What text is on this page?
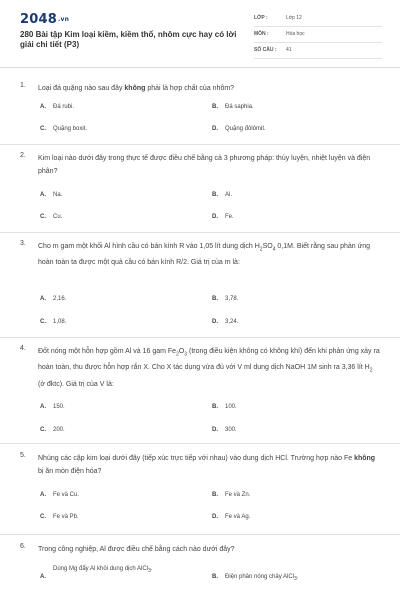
2048.vn
280 Bài tập Kim loại kiềm, kiềm thổ, nhôm cực hay có lời giải chi tiết (P3)
LỚP :	Lớp 12
MÔN :	Hóa học
SỐ CÂU : 41
1. Loại đá quặng nào sau đây không phải là hợp chất của nhôm?
A. Đá rubi.	B. Đá saphia.
C. Quặng boxit.	D. Quặng đôlômit.
2. Kim loại nào dưới đây trong thực tế được điều chế bằng cả 3 phương pháp: thủy luyện, nhiệt luyện và điện phân?
A. Na.	B. Al.
C. Cu.	D. Fe.
3. Cho m gam một khối Al hình cầu có bán kính R vào 1,05 lít dung dịch $H_2SO_4$ 0,1M. Biết rằng sau phản ứng hoàn toàn ta được một quả cầu có bán kính R/2. Giá trị của m là:
A. 2,16.	B. 3,78.
C. 1,08.	D. 3,24.
4. Đốt nóng một hỗn hợp gồm Al và 16 gam $Fe_2O_3$ (trong điều kiện không có không khí) đến khi phản ứng xảy ra hoàn toàn, thu được hỗn hợp rắn X. Cho X tác dụng vừa đủ với V ml dung dịch NaOH 1M sinh ra 3,36 lít $H_2$ (ở đktc). Giá trị của V là:
A. 150.	B. 100.
C. 200.	D. 300.
5. Nhúng các cặp kim loại dưới đây (tiếp xúc trực tiếp với nhau) vào dung dịch HCl. Trường hợp nào Fe không bị ăn mòn điện hóa?
A. Fe và Cu.	B. Fe và Zn.
C. Fe và Pb.	D. Fe và Ag.
6. Trong công nghiệp, Al được điều chế bằng cách nào dưới đây?
A.
Dùng Mg đẩy Al khỏi dung dịch AlCl$_3$.
B. Điện phân nóng chảy AlCl$_3$.
